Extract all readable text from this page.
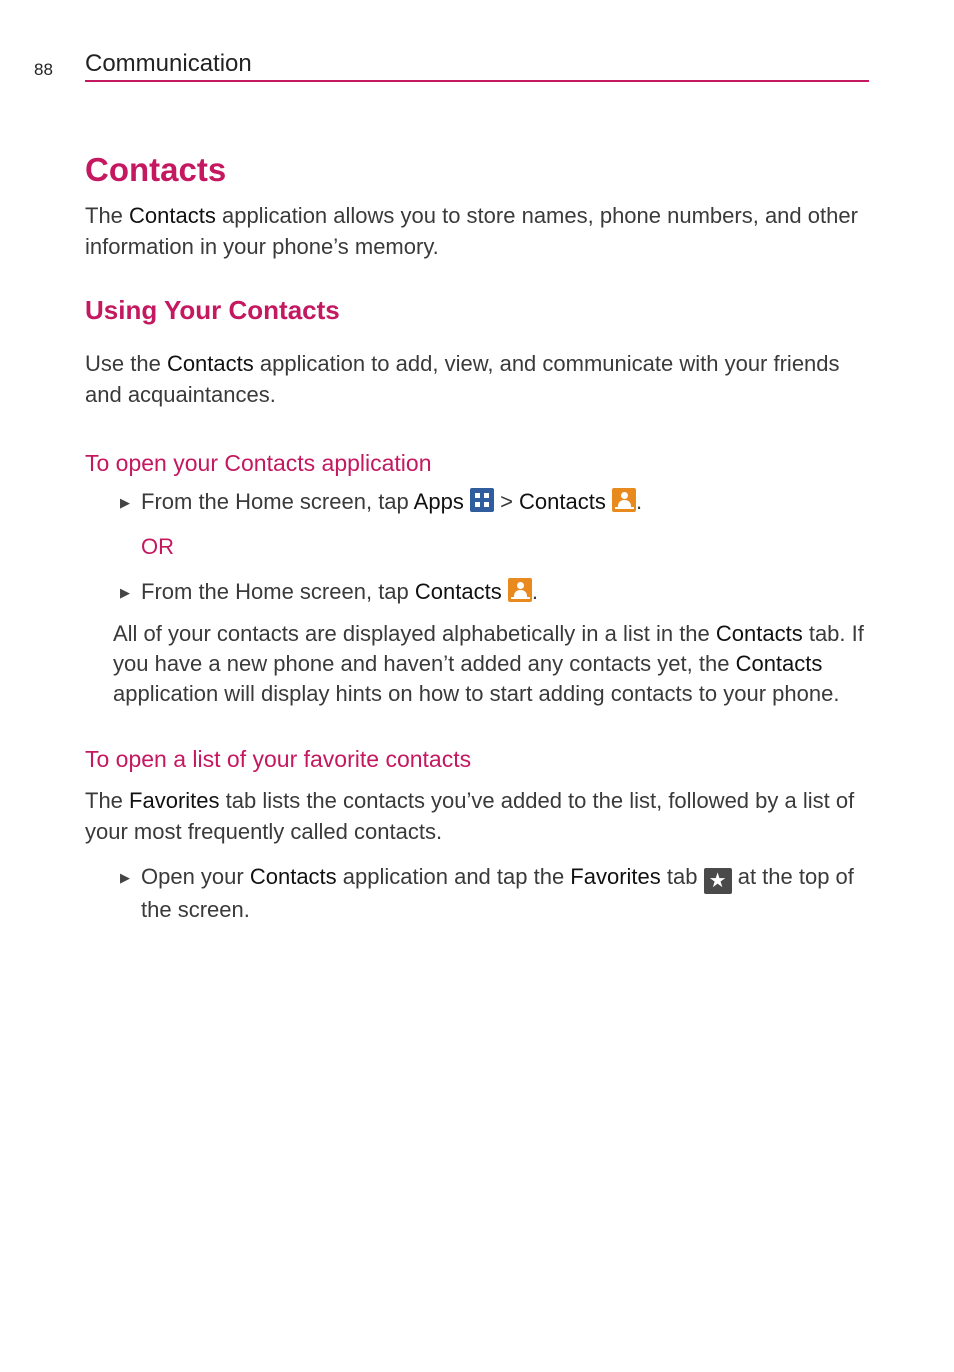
88 Communication
Contacts

The Contacts application allows you to store names, phone numbers, and other information in your phone’s memory.

Using Your Contacts

Use the Contacts application to add, view, and communicate with your friends and acquaintances.

To open your Contacts application
▶ From the Home screen, tap Apps
> Contacts .
OR
▶ From the Home screen, tap Contacts .

All of your contacts are displayed alphabetically in a list in the Contacts tab. If you have a new phone and haven’t added any contacts yet, the Contacts application will display hints on how to start adding contacts to your phone.

To open a list of your favorite contacts

The Favorites tab lists the contacts you’ve added to the list, followed by a list of your most frequently called contacts.

▶ Open your Contacts application and tap the Favorites tab ★ at the top of the screen.
